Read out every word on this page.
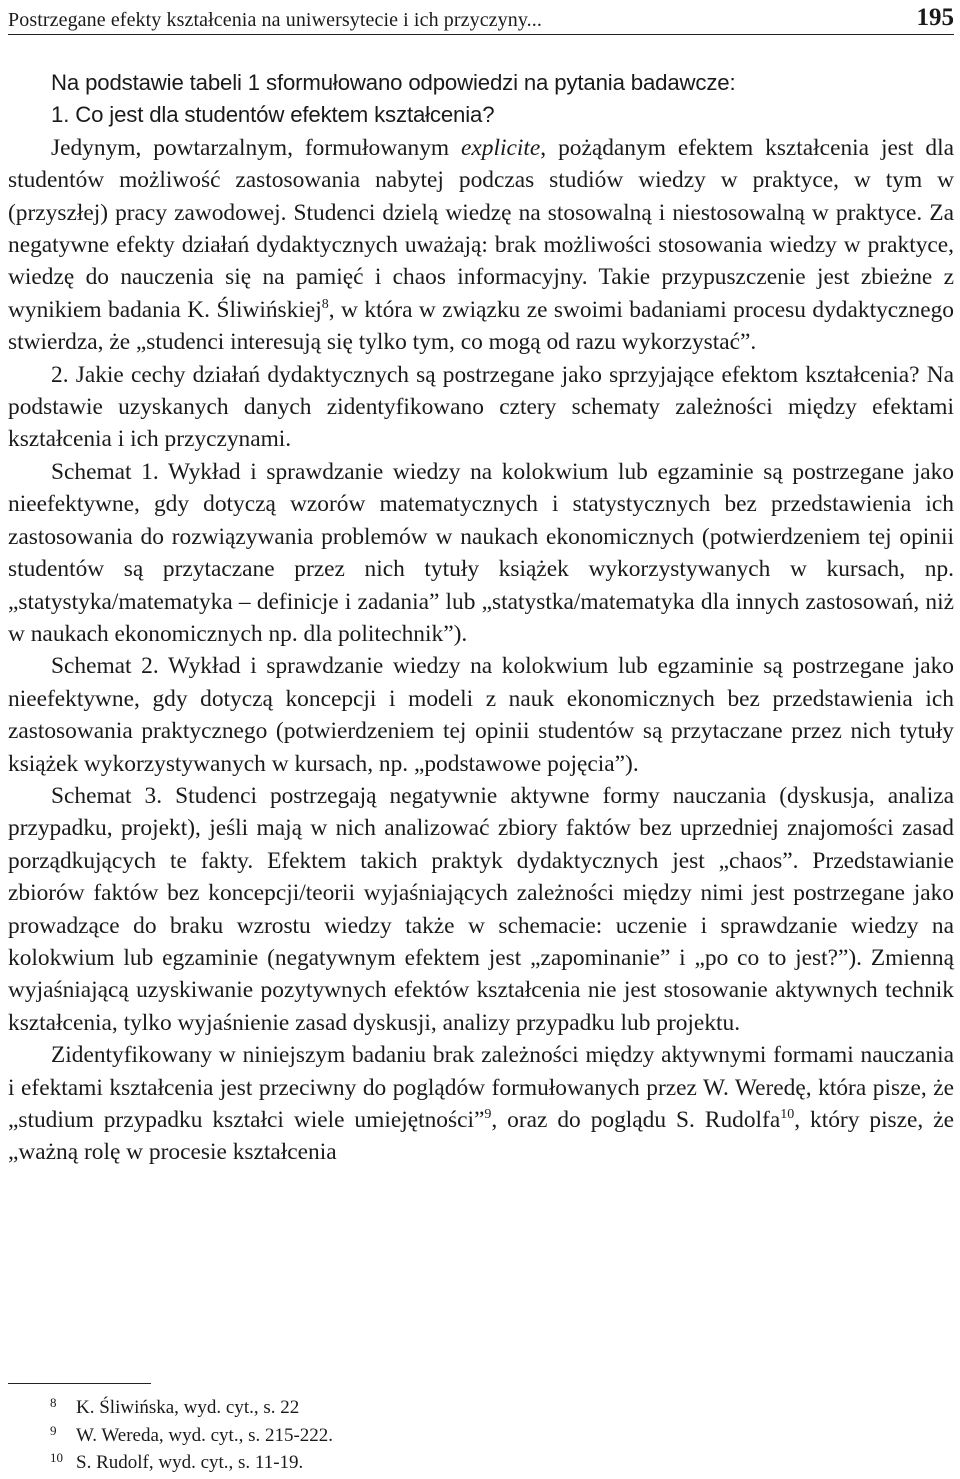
Postrzegane efekty kształcenia na uniwersytecie i ich przyczyny...	195

Na podstawie tabeli 1 sformułowano odpowiedzi na pytania badawcze:

1. Co jest dla studentów efektem kształcenia?

Jedynym, powtarzalnym, formułowanym explicite, pożądanym efektem kształcenia jest dla studentów możliwość zastosowania nabytej podczas studiów wiedzy w praktyce, w tym w (przyszłej) pracy zawodowej. Studenci dzielą wiedzę na stosowalną i niestosowalną w praktyce. Za negatywne efekty działań dydaktycznych uważają: brak możliwości stosowania wiedzy w praktyce, wiedzę do nauczenia się na pamięć i chaos informacyjny. Takie przypuszczenie jest zbieżne z wynikiem badania K. Śliwińskiej$^8$, w która w związku ze swoimi badaniami procesu dydaktycznego stwierdza, że „studenci interesują się tylko tym, co mogą od razu wykorzystać”.

2. Jakie cechy działań dydaktycznych są postrzegane jako sprzyjające efektom kształcenia? Na podstawie uzyskanych danych zidentyfikowano cztery schematy zależności między efektami kształcenia i ich przyczynami.

Schemat 1. Wykład i sprawdzanie wiedzy na kolokwium lub egzaminie są postrzegane jako nieefektywne, gdy dotyczą wzorów matematycznych i statystycznych bez przedstawienia ich zastosowania do rozwiązywania problemów w naukach ekonomicznych (potwierdzeniem tej opinii studentów są przytaczane przez nich tytuły książek wykorzystywanych w kursach, np. „statystyka/matematyka – definicje i zadania” lub „statystka/matematyka dla innych zastosowań, niż w naukach ekonomicznych np. dla politechnik”).

Schemat 2. Wykład i sprawdzanie wiedzy na kolokwium lub egzaminie są postrzegane jako nieefektywne, gdy dotyczą koncepcji i modeli z nauk ekonomicznych bez przedstawienia ich zastosowania praktycznego (potwierdzeniem tej opinii studentów są przytaczane przez nich tytuły książek wykorzystywanych w kursach, np. „podstawowe pojęcia”).

Schemat 3. Studenci postrzegają negatywnie aktywne formy nauczania (dyskusja, analiza przypadku, projekt), jeśli mają w nich analizować zbiory faktów bez uprzedniej znajomości zasad porządkujących te fakty. Efektem takich praktyk dydaktycznych jest „chaos”. Przedstawianie zbiorów faktów bez koncepcji/teorii wyjaśniających zależności między nimi jest postrzegane jako prowadzące do braku wzrostu wiedzy także w schemacie: uczenie i sprawdzanie wiedzy na kolokwium lub egzaminie (negatywnym efektem jest „zapominanie” i „po co to jest?”). Zmienną wyjaśniającą uzyskiwanie pozytywnych efektów kształcenia nie jest stosowanie aktywnych technik kształcenia, tylko wyjaśnienie zasad dyskusji, analizy przypadku lub projektu.

Zidentyfikowany w niniejszym badaniu brak zależności między aktywnymi formami nauczania i efektami kształcenia jest przeciwny do poglądów formułowanych przez W. Weredę, która pisze, że „studium przypadku kształci wiele umiejętności”$^9$, oraz do poglądu S. Rudolfa$^{10}$, który pisze, że „ważną rolę w procesie kształcenia

8	K. Śliwińska, wyd. cyt., s. 22
9	W. Wereda, wyd. cyt., s. 215-222.
10 S. Rudolf, wyd. cyt., s. 11-19.
